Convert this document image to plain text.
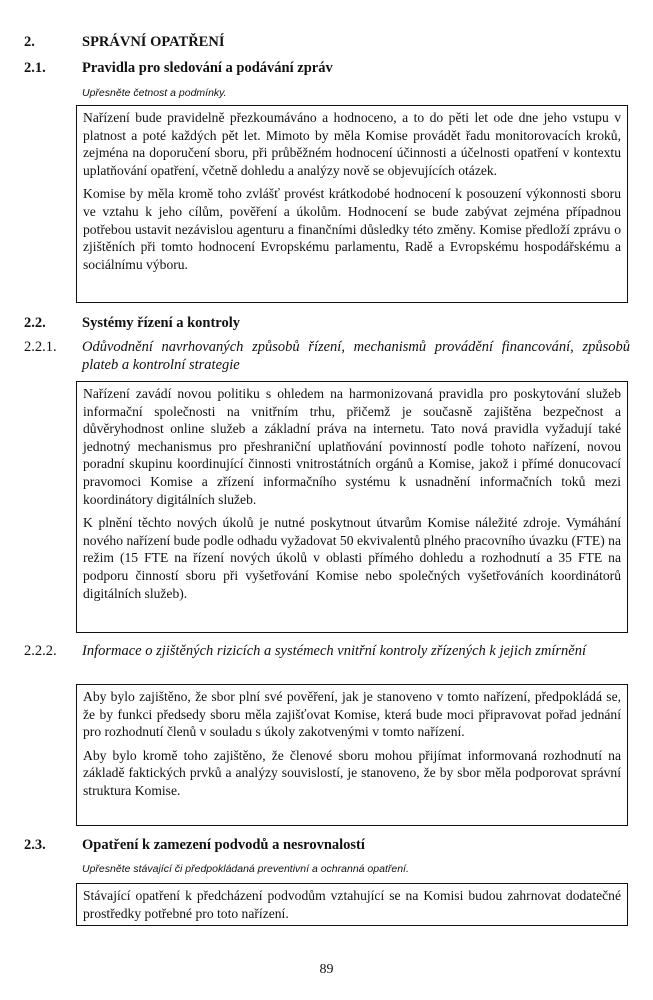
2.	SPRÁVNÍ OPATŘENÍ
2.1.	Pravidla pro sledování a podávání zpráv
Upřesněte četnost a podmínky.

Nařízení bude pravidelně přezkoumáváno a hodnoceno, a to do pěti let ode dne jeho vstupu v platnost a poté každých pět let. Mimoto by měla Komise provádět řadu monitorovacích kroků, zejména na doporučení sboru, při průběžném hodnocení účinnosti a účelnosti opatření v kontextu uplatňování opatření, včetně dohledu a analýzy nově se objevujících otázek.

Komise by měla kromě toho zvlášť provést krátkodobé hodnocení k posouzení výkonnosti sboru ve vztahu k jeho cílům, pověření a úkolům. Hodnocení se bude zabývat zejména případnou potřebou ustavit nezávislou agenturu a finančními důsledky této změny. Komise předloží zprávu o zjištěních při tomto hodnocení Evropskému parlamentu, Radě a Evropskému hospodářskému a sociálnímu výboru.

2.2.	Systémy řízení a kontroly
2.2.1. Odůvodnění navrhovaných způsobů řízení, mechanismů provádění financování, způsobů plateb a kontrolní strategie

Nařízení zavádí novou politiku s ohledem na harmonizovaná pravidla pro poskytování služeb informační společnosti na vnitřním trhu, přičemž je současně zajištěna bezpečnost a důvěryhodnost online služeb a základní práva na internetu. Tato nová pravidla vyžadují také jednotný mechanismus pro přeshraniční uplatňování povinností podle tohoto nařízení, novou poradní skupinu koordinující činnosti vnitrostátních orgánů a Komise, jakož i přímé donucovací pravomoci Komise a zřízení informačního systému k usnadnění informačních toků mezi koordinátory digitálních služeb.

K plnění těchto nových úkolů je nutné poskytnout útvarům Komise náležité zdroje. Vymáhání nového nařízení bude podle odhadu vyžadovat 50 ekvivalentů plného pracovního úvazku (FTE) na režim (15 FTE na řízení nových úkolů v oblasti přímého dohledu a rozhodnutí a 35 FTE na podporu činností sboru při vyšetřování Komise nebo společných vyšetřováních koordinátorů digitálních služeb).

2.2.2. Informace o zjištěných rizicích a systémech vnitřní kontroly zřízených k jejich zmírnění

Aby bylo zajištěno, že sbor plní své pověření, jak je stanoveno v tomto nařízení, předpokládá se, že by funkci předsedy sboru měla zajišťovat Komise, která bude moci připravovat pořad jednání pro rozhodnutí členů v souladu s úkoly zakotvenými v tomto nařízení.

Aby bylo kromě toho zajištěno, že členové sboru mohou přijímat informovaná rozhodnutí na základě faktických prvků a analýzy souvislostí, je stanoveno, že by sbor měla podporovat správní struktura Komise.

2.3.	Opatření k zamezení podvodů a nesrovnalostí
Upřesněte stávající či předpokládaná preventivní a ochranná opatření.

Stávající opatření k předcházení podvodům vztahující se na Komisi budou zahrnovat dodatečné prostředky potřebné pro toto nařízení.

89
